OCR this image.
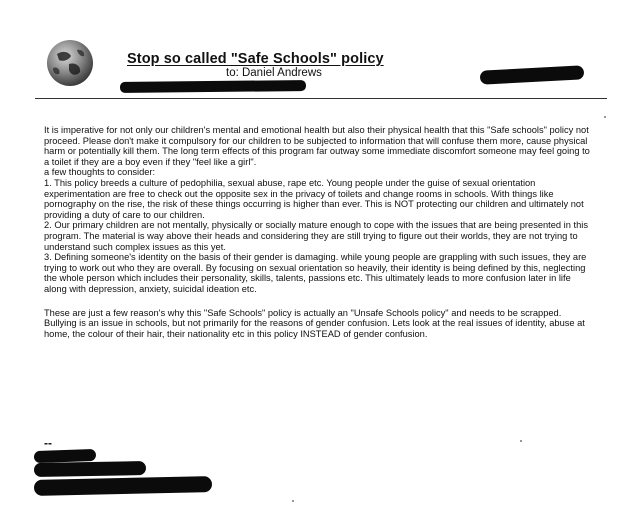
Stop so called "Safe Schools" policy
to: Daniel Andrews

It is imperative for not only our children's mental and emotional health but also their physical health that this "Safe schools" policy not proceed. Please don't make it compulsory for our children to be subjected to information that will confuse them more, cause physical harm or potentially kill them. The long term effects of this program far outway some immediate discomfort someone may feel going to a toilet if they are a boy even if they "feel like a girl".

a few thoughts to consider:

1. This policy breeds a culture of pedophilia, sexual abuse, rape etc. Young people under the guise of sexual orientation experimentation are free to check out the opposite sex in the privacy of toilets and change rooms in schools. With things like pornography on the rise, the risk of these things occurring is higher than ever. This is NOT protecting our children and ultimately not providing a duty of care to our children.

2. Our primary children are not mentally, physically or socially mature enough to cope with the issues that are being presented in this program. The material is way above their heads and considering they are still trying to figure out their worlds, they are not trying to understand such complex issues as this yet.

3. Defining someone's identity on the basis of their gender is damaging. while young people are grappling with such issues, they are trying to work out who they are overall. By focusing on sexual orientation so heavily, their identity is being defined by this, neglecting the whole person which includes their personality, skills, talents, passions etc. This ultimately leads to more confusion later in life along with depression, anxiety, suicidal ideation etc.

These are just a few reason's why this "Safe Schools" policy is actually an "Unsafe Schools policy" and needs to be scrapped. Bullying is an issue in schools, but not primarily for the reasons of gender confusion. Lets look at the real issues of identity, abuse at home, the colour of their hair, their nationality etc in this policy INSTEAD of gender confusion.

--
